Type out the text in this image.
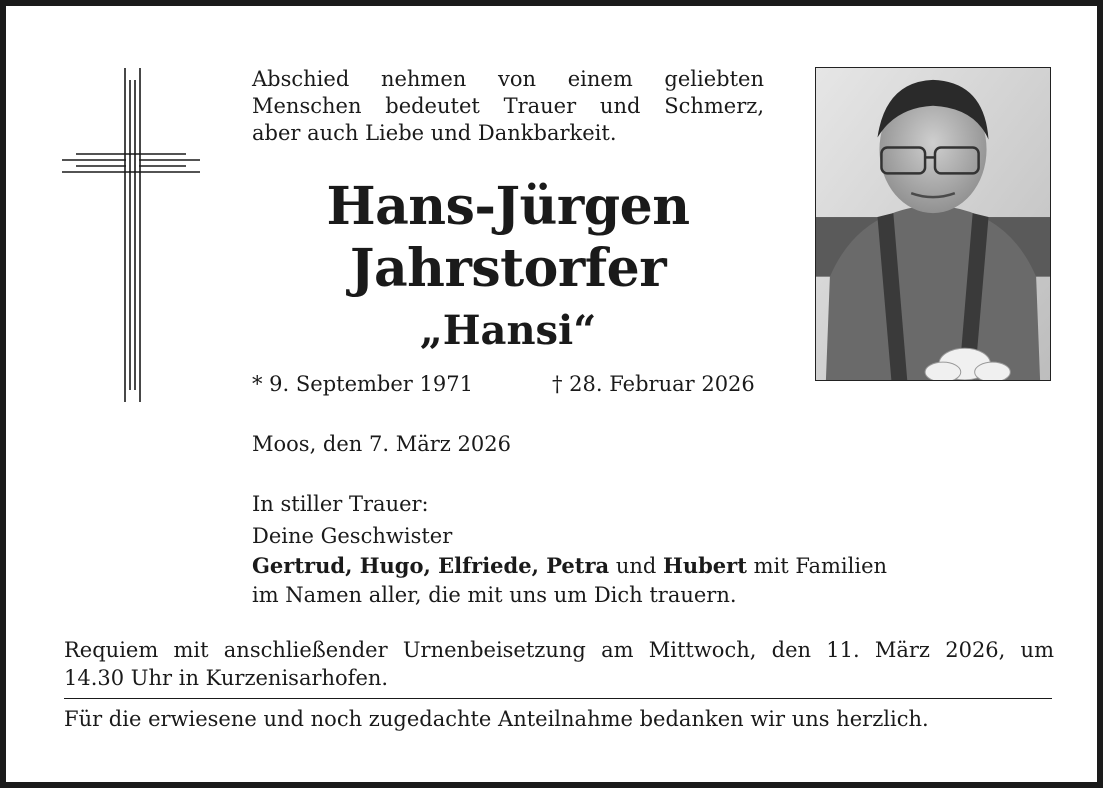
Abschied nehmen von einem geliebten
Menschen bedeutet Trauer und Schmerz,
aber auch Liebe und Dankbarkeit.
Hans-Jürgen
Jahrstorfer
„Hansi“
* 9. September 1971	† 28. Februar 2026
Moos, den 7. März 2026
In stiller Trauer:
Deine Geschwister
Gertrud, Hugo, Elfriede, Petra und Hubert mit Familien
im Namen aller, die mit uns um Dich trauern.
Requiem mit anschließender Urnenbeisetzung am Mittwoch, den 11. März 2026, um
14.30 Uhr in Kurzenisarhofen.
Für die erwiesene und noch zugedachte Anteilnahme bedanken wir uns herzlich.
